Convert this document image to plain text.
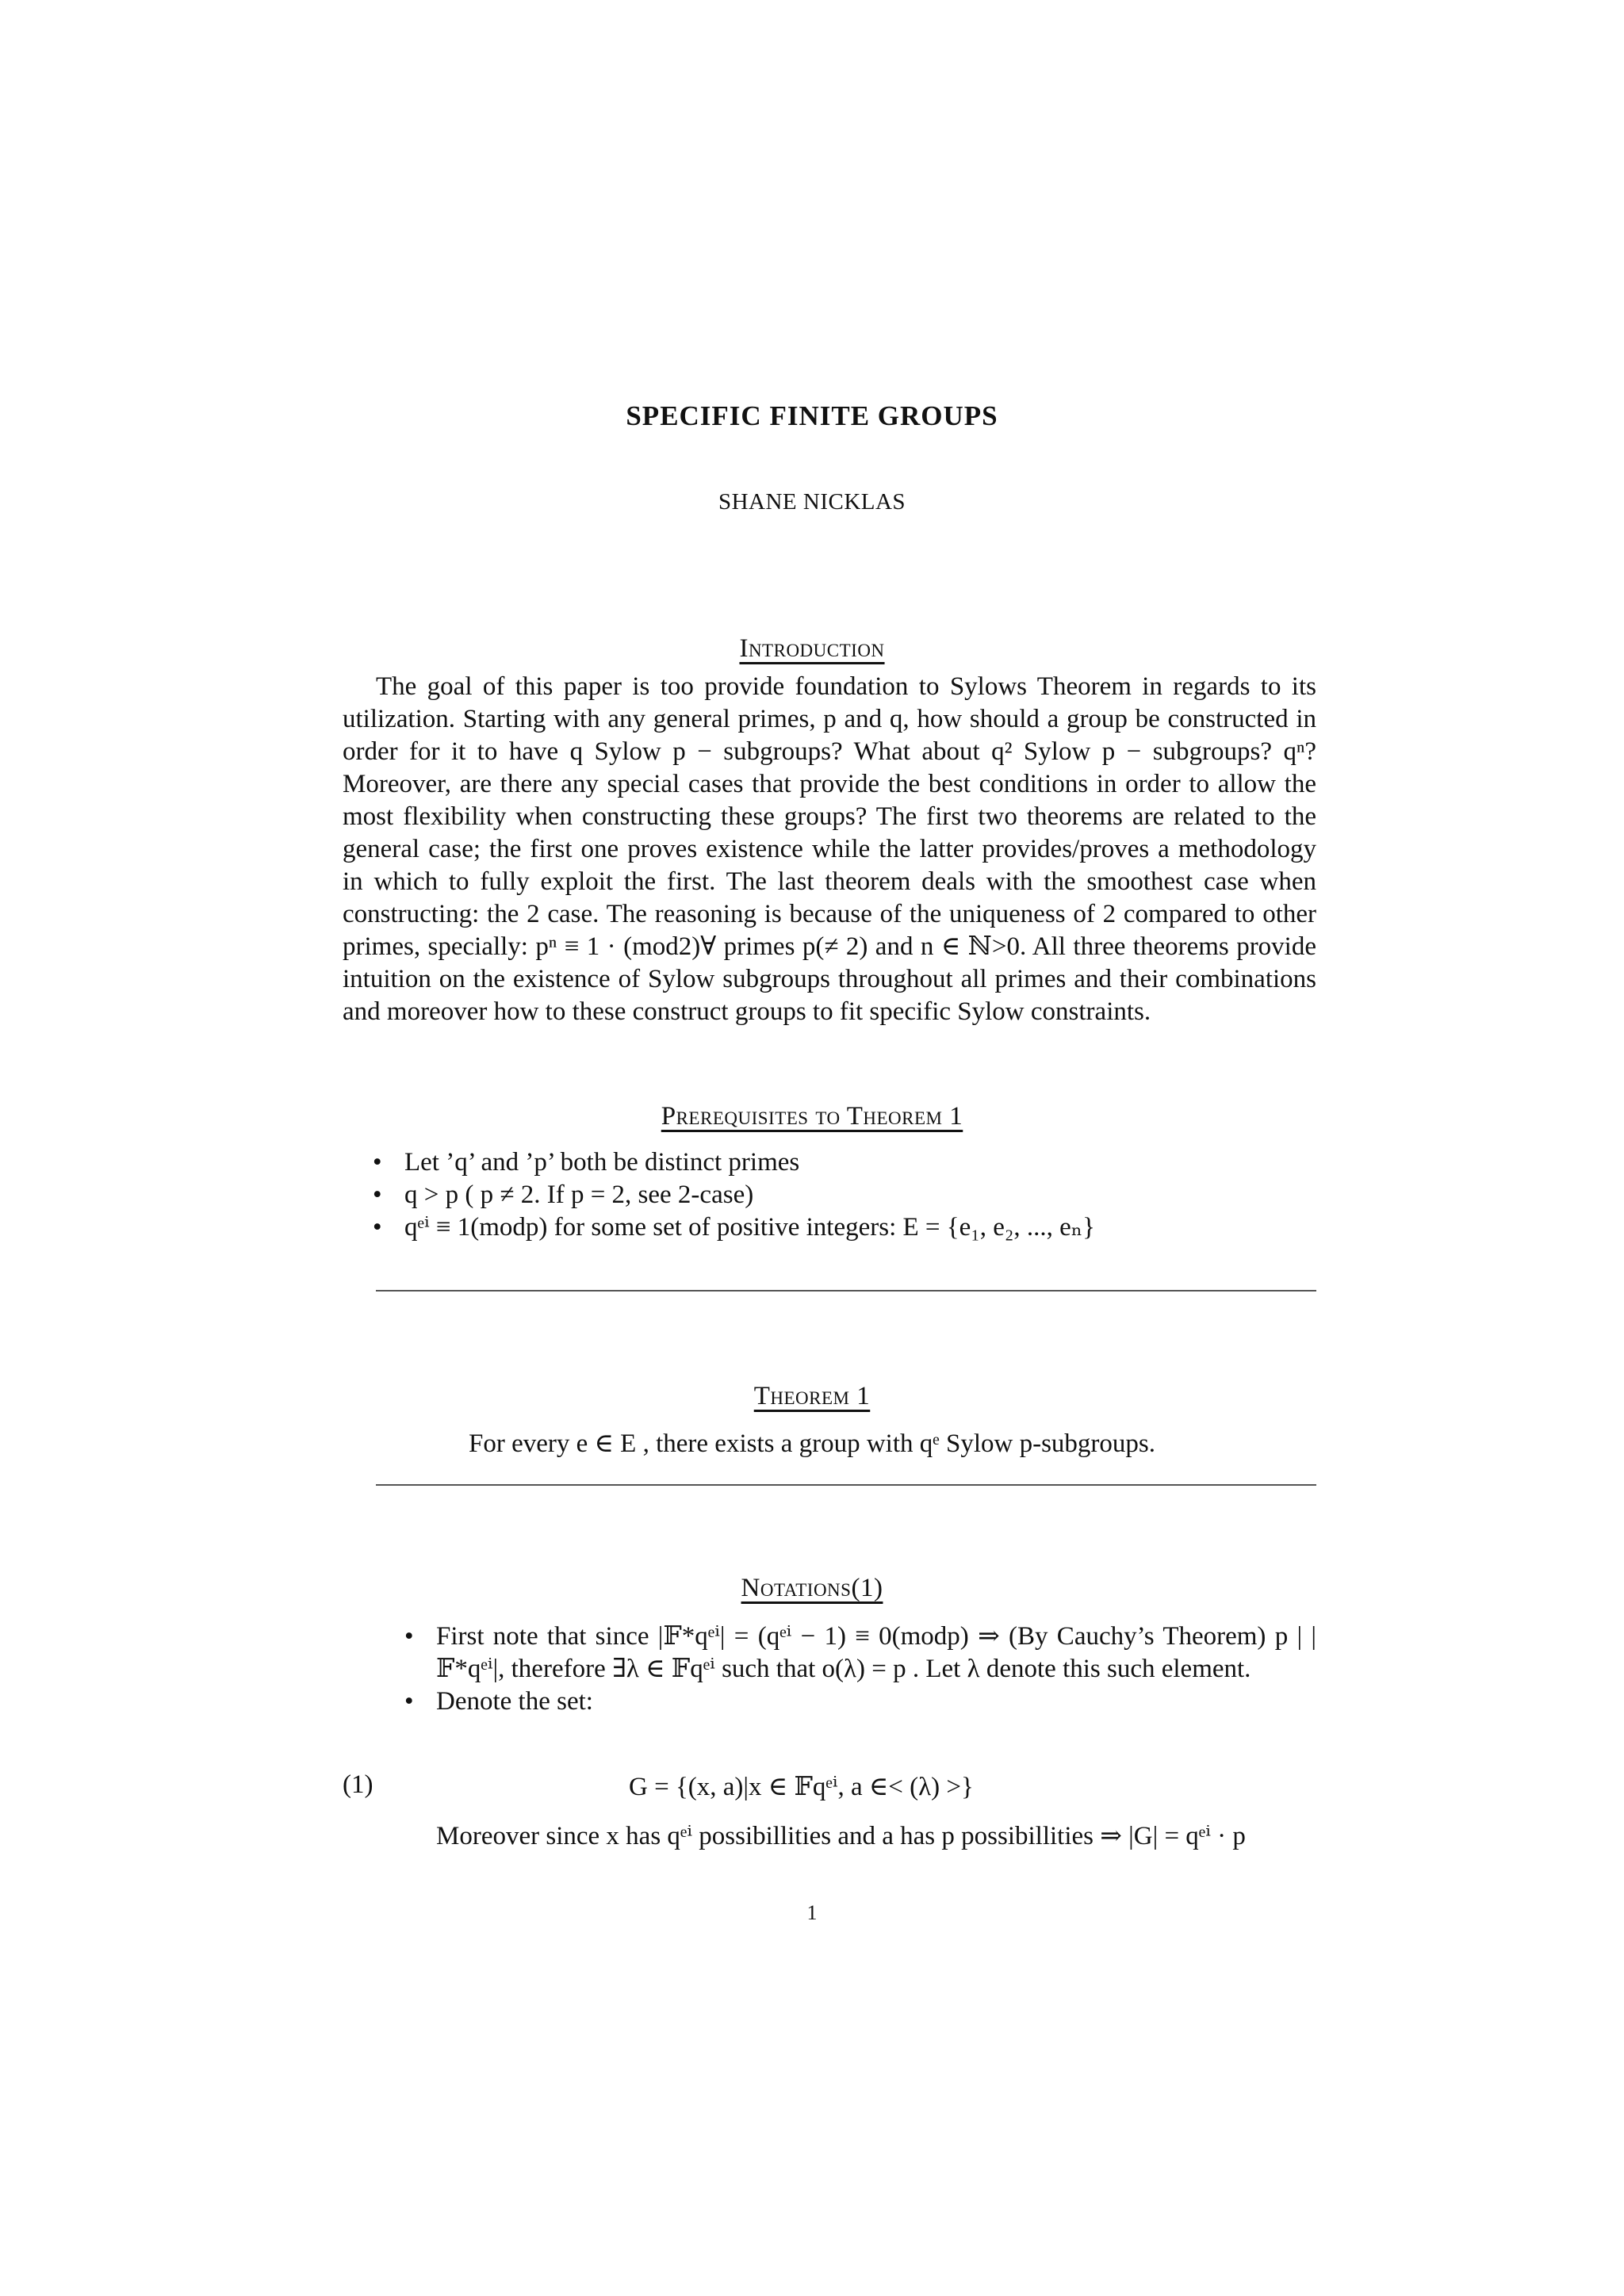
SPECIFIC FINITE GROUPS
SHANE NICKLAS
Introduction
The goal of this paper is too provide foundation to Sylows Theorem in regards to its utilization. Starting with any general primes, p and q, how should a group be constructed in order for it to have q Sylow p − subgroups? What about q² Sylow p − subgroups? qⁿ? Moreover, are there any special cases that provide the best conditions in order to allow the most flexibility when constructing these groups? The first two theorems are related to the general case; the first one proves existence while the latter provides/proves a methodology in which to fully exploit the first. The last theorem deals with the smoothest case when constructing: the 2 case. The reasoning is because of the uniqueness of 2 compared to other primes, specially: pⁿ ≡ 1 · (mod2)∀ primes p(≠ 2) and n ∈ ℕ>0. All three theorems provide intuition on the existence of Sylow subgroups throughout all primes and their combinations and moreover how to these construct groups to fit specific Sylow constraints.
Prerequisites to Theorem 1
• Let ’q’ and ’p’ both be distinct primes
• q > p ( p ≠ 2. If p = 2, see 2-case)
• qᵉⁱ ≡ 1(modp) for some set of positive integers: E = {e₁, e₂, ..., eₙ}
Theorem 1
For every e ∈ E , there exists a group with qᵉ Sylow p-subgroups.
Notations(1)
• First note that since |𝔽*qᵉⁱ| = (qᵉⁱ − 1) ≡ 0(modp) ⇒ (By Cauchy’s Theorem) p | |𝔽*qᵉⁱ|, therefore ∃λ ∈ 𝔽qᵉⁱ such that o(λ) = p . Let λ denote this such element.
• Denote the set:
(1)	G = {(x, a)|x ∈ 𝔽qᵉⁱ, a ∈< (λ) >}
Moreover since x has qᵉⁱ possibillities and a has p possibillities ⇒ |G| = qᵉⁱ · p
1
